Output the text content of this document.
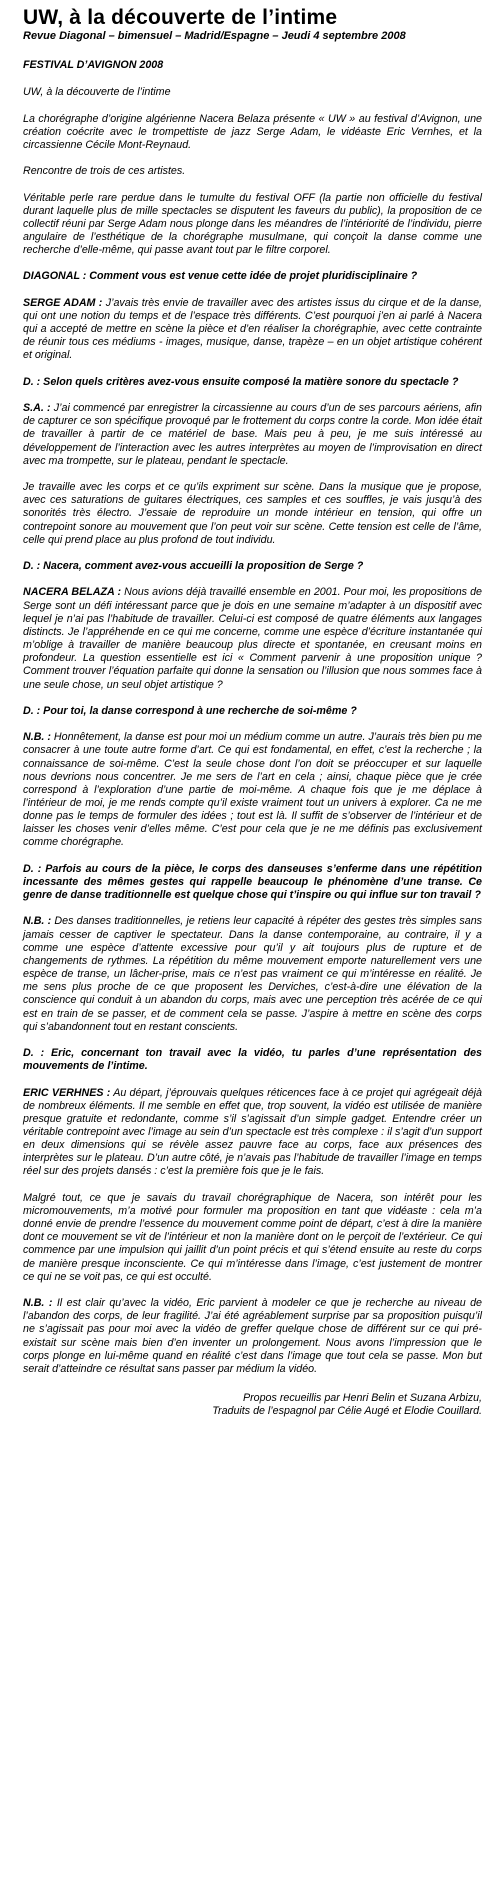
UW, à la découverte de l’intime
Revue Diagonal – bimensuel – Madrid/Espagne – Jeudi 4 septembre 2008
FESTIVAL D’AVIGNON 2008

UW, à la découverte de l’intime

La chorégraphe d’origine algérienne Nacera Belaza présente « UW » au festival d’Avignon, une création coécrite avec le trompettiste de jazz Serge Adam, le vidéaste Eric Vernhes, et la circassienne Cécile Mont-Reynaud.

Rencontre de trois de ces artistes.

Véritable perle rare perdue dans le tumulte du festival OFF (la partie non officielle du festival durant laquelle plus de mille spectacles se disputent les faveurs du public), la proposition de ce collectif réuni par Serge Adam nous plonge dans les méandres de l’intériorité de l’individu, pierre angulaire de l’esthétique de la chorégraphe musulmane, qui conçoit la danse comme une recherche d’elle-même, qui passe avant tout par le filtre corporel.

DIAGONAL : Comment vous est venue cette idée de projet pluridisciplinaire ?

SERGE ADAM : J’avais très envie de travailler avec des artistes issus du cirque et de la danse, qui ont une notion du temps et de l’espace très différents. C’est pourquoi j’en ai parlé à Nacera qui a accepté de mettre en scène la pièce et d’en réaliser la chorégraphie, avec cette contrainte de réunir tous ces médiums - images, musique, danse, trapèze – en un objet artistique cohérent et original.

D. : Selon quels critères avez-vous ensuite composé la matière sonore du spectacle ?

S.A. : J’ai commencé par enregistrer la circassienne au cours d’un de ses parcours aériens, afin de capturer ce son spécifique provoqué par le frottement du corps contre la corde. Mon idée était de travailler à partir de ce matériel de base. Mais peu à peu, je me suis intéressé au développement de l’interaction avec les autres interprètes au moyen de l’improvisation en direct avec ma trompette, sur le plateau, pendant le spectacle.

Je travaille avec les corps et ce qu’ils expriment sur scène. Dans la musique que je propose, avec ces saturations de guitares électriques, ces samples et ces souffles, je vais jusqu’à des sonorités très électro. J’essaie de reproduire un monde intérieur en tension, qui offre un contrepoint sonore au mouvement que l’on peut voir sur scène. Cette tension est celle de l’âme, celle qui prend place au plus profond de tout individu.

D. : Nacera, comment avez-vous accueilli la proposition de Serge ?

NACERA BELAZA : Nous avions déjà travaillé ensemble en 2001. Pour moi, les propositions de Serge sont un défi intéressant parce que je dois en une semaine m’adapter à un dispositif avec lequel je n’ai pas l’habitude de travailler. Celui-ci est composé de quatre éléments aux langages distincts. Je l’appréhende en ce qui me concerne, comme une espèce d’écriture instantanée qui m’oblige à travailler de manière beaucoup plus directe et spontanée, en creusant moins en profondeur. La question essentielle est ici « Comment parvenir à une proposition unique ? Comment trouver l’équation parfaite qui donne la sensation ou l’illusion que nous sommes face à une seule chose, un seul objet artistique ?

D. : Pour toi, la danse correspond à une recherche de soi-même ?

N.B. : Honnêtement, la danse est pour moi un médium comme un autre. J’aurais très bien pu me consacrer à une toute autre forme d’art. Ce qui est fondamental, en effet, c’est la recherche ; la connaissance de soi-même. C’est la seule chose dont l’on doit se préoccuper et sur laquelle nous devrions nous concentrer. Je me sers de l’art en cela ; ainsi, chaque pièce que je crée correspond à l’exploration d’une partie de moi-même. A chaque fois que je me déplace à l’intérieur de moi, je me rends compte qu’il existe vraiment tout un univers à explorer. Ca ne me donne pas le temps de formuler des idées ; tout est là. Il suffit de s’observer de l’intérieur et de laisser les choses venir d’elles même. C’est pour cela que je ne me définis pas exclusivement comme chorégraphe.

D. : Parfois au cours de la pièce, le corps des danseuses s’enferme dans une répétition incessante des mêmes gestes qui rappelle beaucoup le phénomène d’une transe. Ce genre de danse traditionnelle est quelque chose qui t’inspire ou qui influe sur ton travail ?

N.B. : Des danses traditionnelles, je retiens leur capacité à répéter des gestes très simples sans jamais cesser de captiver le spectateur. Dans la danse contemporaine, au contraire, il y a comme une espèce d’attente excessive pour qu’il y ait toujours plus de rupture et de changements de rythmes. La répétition du même mouvement emporte naturellement vers une espèce de transe, un lâcher-prise, mais ce n’est pas vraiment ce qui m’intéresse en réalité. Je me sens plus proche de ce que proposent les Derviches, c’est-à-dire une élévation de la conscience qui conduit à un abandon du corps, mais avec une perception très acérée de ce qui est en train de se passer, et de comment cela se passe. J’aspire à mettre en scène des corps qui s’abandonnent tout en restant conscients.

D. : Eric, concernant ton travail avec la vidéo, tu parles d’une représentation des mouvements de l’intime.

ERIC VERHNES : Au départ, j’éprouvais quelques réticences face à ce projet qui agrégeait déjà de nombreux éléments. Il me semble en effet que, trop souvent, la vidéo est utilisée de manière presque gratuite et redondante, comme s’il s’agissait d’un simple gadget. Entendre créer un véritable contrepoint avec l’image au sein d’un spectacle est très complexe : il s’agit d’un support en deux dimensions qui se révèle assez pauvre face au corps, face aux présences des interprètes sur le plateau. D’un autre côté, je n’avais pas l’habitude de travailler l’image en temps réel sur des projets dansés : c’est la première fois que je le fais.

Malgré tout, ce que je savais du travail chorégraphique de Nacera, son intérêt pour les micromouvements, m’a motivé pour formuler ma proposition en tant que vidéaste : cela m’a donné envie de prendre l’essence du mouvement comme point de départ, c’est à dire la manière dont ce mouvement se vit de l’intérieur et non la manière dont on le perçoit de l’extérieur. Ce qui commence par une impulsion qui jaillit d’un point précis et qui s’étend ensuite au reste du corps de manière presque inconsciente. Ce qui m’intéresse dans l’image, c’est justement de montrer ce qui ne se voit pas, ce qui est occulté.

N.B. : Il est clair qu’avec la vidéo, Eric parvient à modeler ce que je recherche au niveau de l’abandon des corps, de leur fragilité. J’ai été agréablement surprise par sa proposition puisqu’il ne s’agissait pas pour moi avec la vidéo de greffer quelque chose de différent sur ce qui pré-existait sur scène mais bien d’en inventer un prolongement. Nous avons l’impression que le corps plonge en lui-même quand en réalité c’est dans l’image que tout cela se passe. Mon but serait d’atteindre ce résultat sans passer par médium la vidéo.

Propos recueillis par Henri Belin et Suzana Arbizu,
Traduits de l’espagnol par Célie Augé et Elodie Couillard.
